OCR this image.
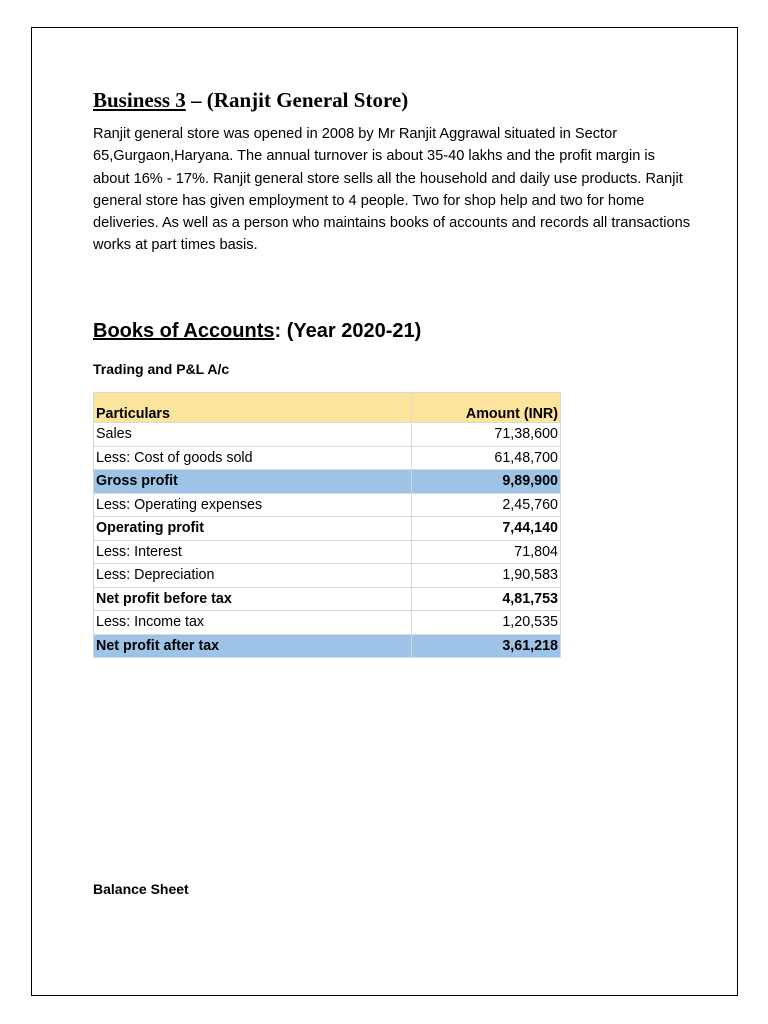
Business 3 – (Ranjit General Store)
Ranjit general store was opened in 2008 by Mr Ranjit Aggrawal situated in Sector 65,Gurgaon,Haryana. The annual turnover is about 35-40 lakhs and the profit margin is about 16% - 17%. Ranjit general store sells all the household and daily use products. Ranjit general store has given employment to 4 people. Two for shop help and two for home deliveries. As well as a person who maintains books of accounts and records all transactions works at part times basis.
Books of Accounts: (Year 2020-21)
Trading and P&L A/c
Particulars	Amount (INR)
Sales	71,38,600
Less: Cost of goods sold	61,48,700
Gross profit	9,89,900
Less: Operating expenses	2,45,760
Operating profit	7,44,140
Less: Interest	71,804
Less: Depreciation	1,90,583
Net profit before tax	4,81,753
Less: Income tax	1,20,535
Net profit after tax	3,61,218
Balance Sheet
